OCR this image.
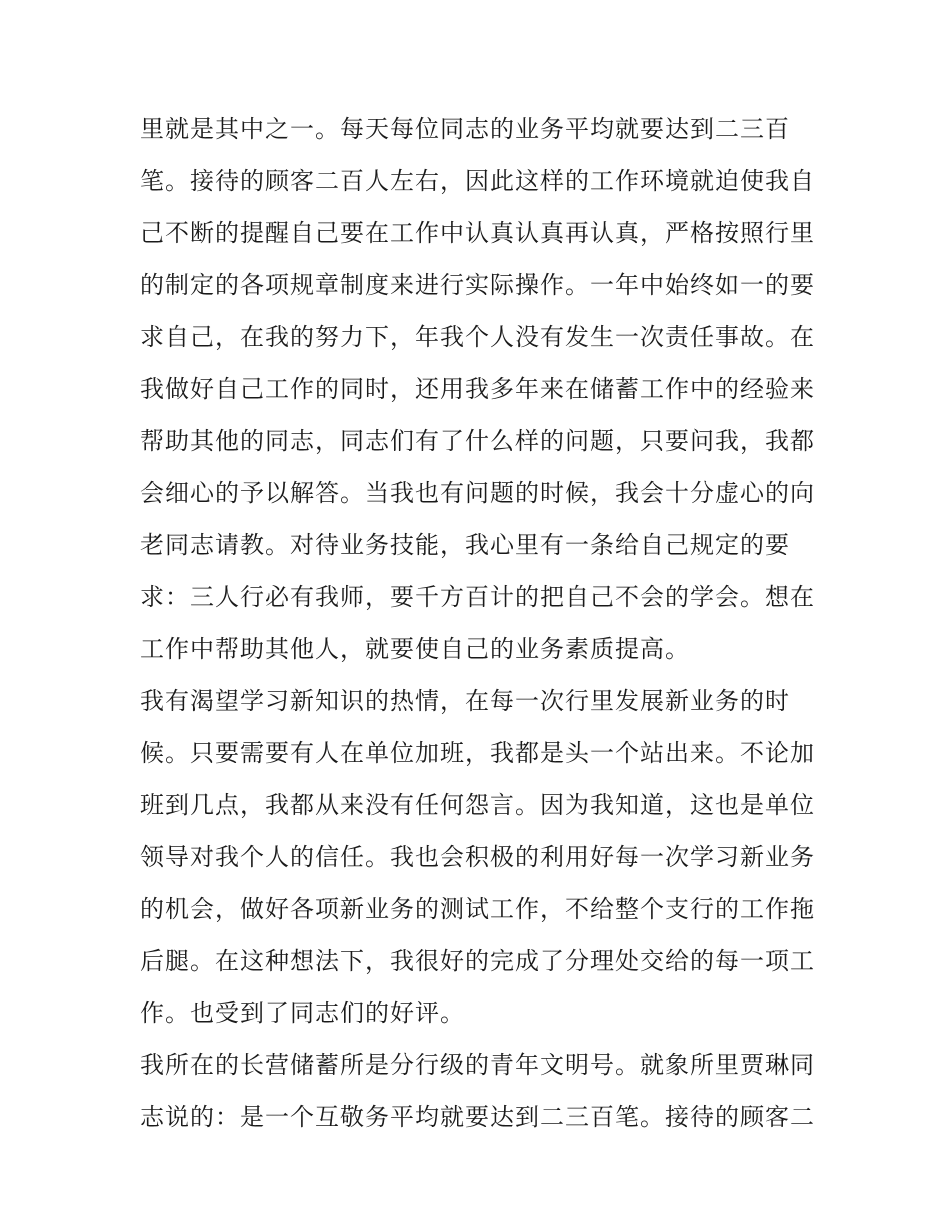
里就是其中之一。每天每位同志的业务平均就要达到二三百
笔。接待的顾客二百人左右，因此这样的工作环境就迫使我自
己不断的提醒自己要在工作中认真认真再认真，严格按照行里
的制定的各项规章制度来进行实际操作。一年中始终如一的要
求自己，在我的努力下，年我个人没有发生一次责任事故。在
我做好自己工作的同时，还用我多年来在储蓄工作中的经验来
帮助其他的同志，同志们有了什么样的问题，只要问我，我都
会细心的予以解答。当我也有问题的时候，我会十分虚心的向
老同志请教。对待业务技能，我心里有一条给自己规定的要
求：三人行必有我师，要千方百计的把自己不会的学会。想在
工作中帮助其他人，就要使自己的业务素质提高。
我有渴望学习新知识的热情，在每一次行里发展新业务的时
候。只要需要有人在单位加班，我都是头一个站出来。不论加
班到几点，我都从来没有任何怨言。因为我知道，这也是单位
领导对我个人的信任。我也会积极的利用好每一次学习新业务
的机会，做好各项新业务的测试工作，不给整个支行的工作拖
后腿。在这种想法下，我很好的完成了分理处交给的每一项工
作。也受到了同志们的好评。
我所在的长营储蓄所是分行级的青年文明号。就象所里贾琳同
志说的：是一个互敬务平均就要达到二三百笔。接待的顾客二
